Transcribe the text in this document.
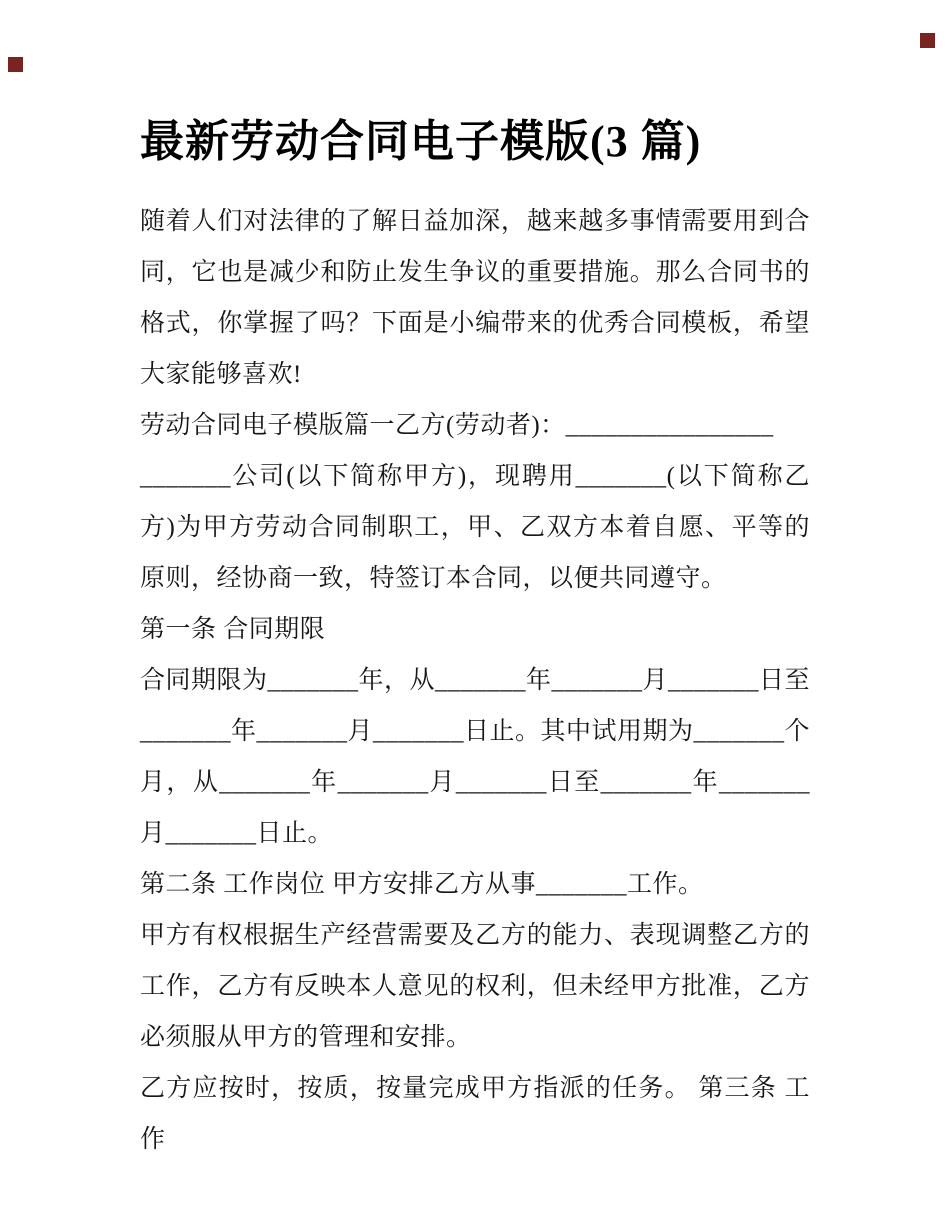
最新劳动合同电子模版(3 篇)

随着人们对法律的了解日益加深，越来越多事情需要用到合同，它也是减少和防止发生争议的重要措施。那么合同书的格式，你掌握了吗？下面是小编带来的优秀合同模板，希望大家能够喜欢!

劳动合同电子模版篇一乙方(劳动者)：________________

_______公司(以下简称甲方)，现聘用_______(以下简称乙方)为甲方劳动合同制职工，甲、乙双方本着自愿、平等的原则，经协商一致，特签订本合同，以便共同遵守。

第一条 合同期限

合同期限为_______年，从_______年_______月_______日至_______年_______月_______日止。其中试用期为_______个月，从_______年_______月_______日至_______年_______月_______日止。

第二条 工作岗位 甲方安排乙方从事_______工作。

甲方有权根据生产经营需要及乙方的能力、表现调整乙方的工作，乙方有反映本人意见的权利，但未经甲方批准，乙方必须服从甲方的管理和安排。

乙方应按时，按质，按量完成甲方指派的任务。 第三条 工作
